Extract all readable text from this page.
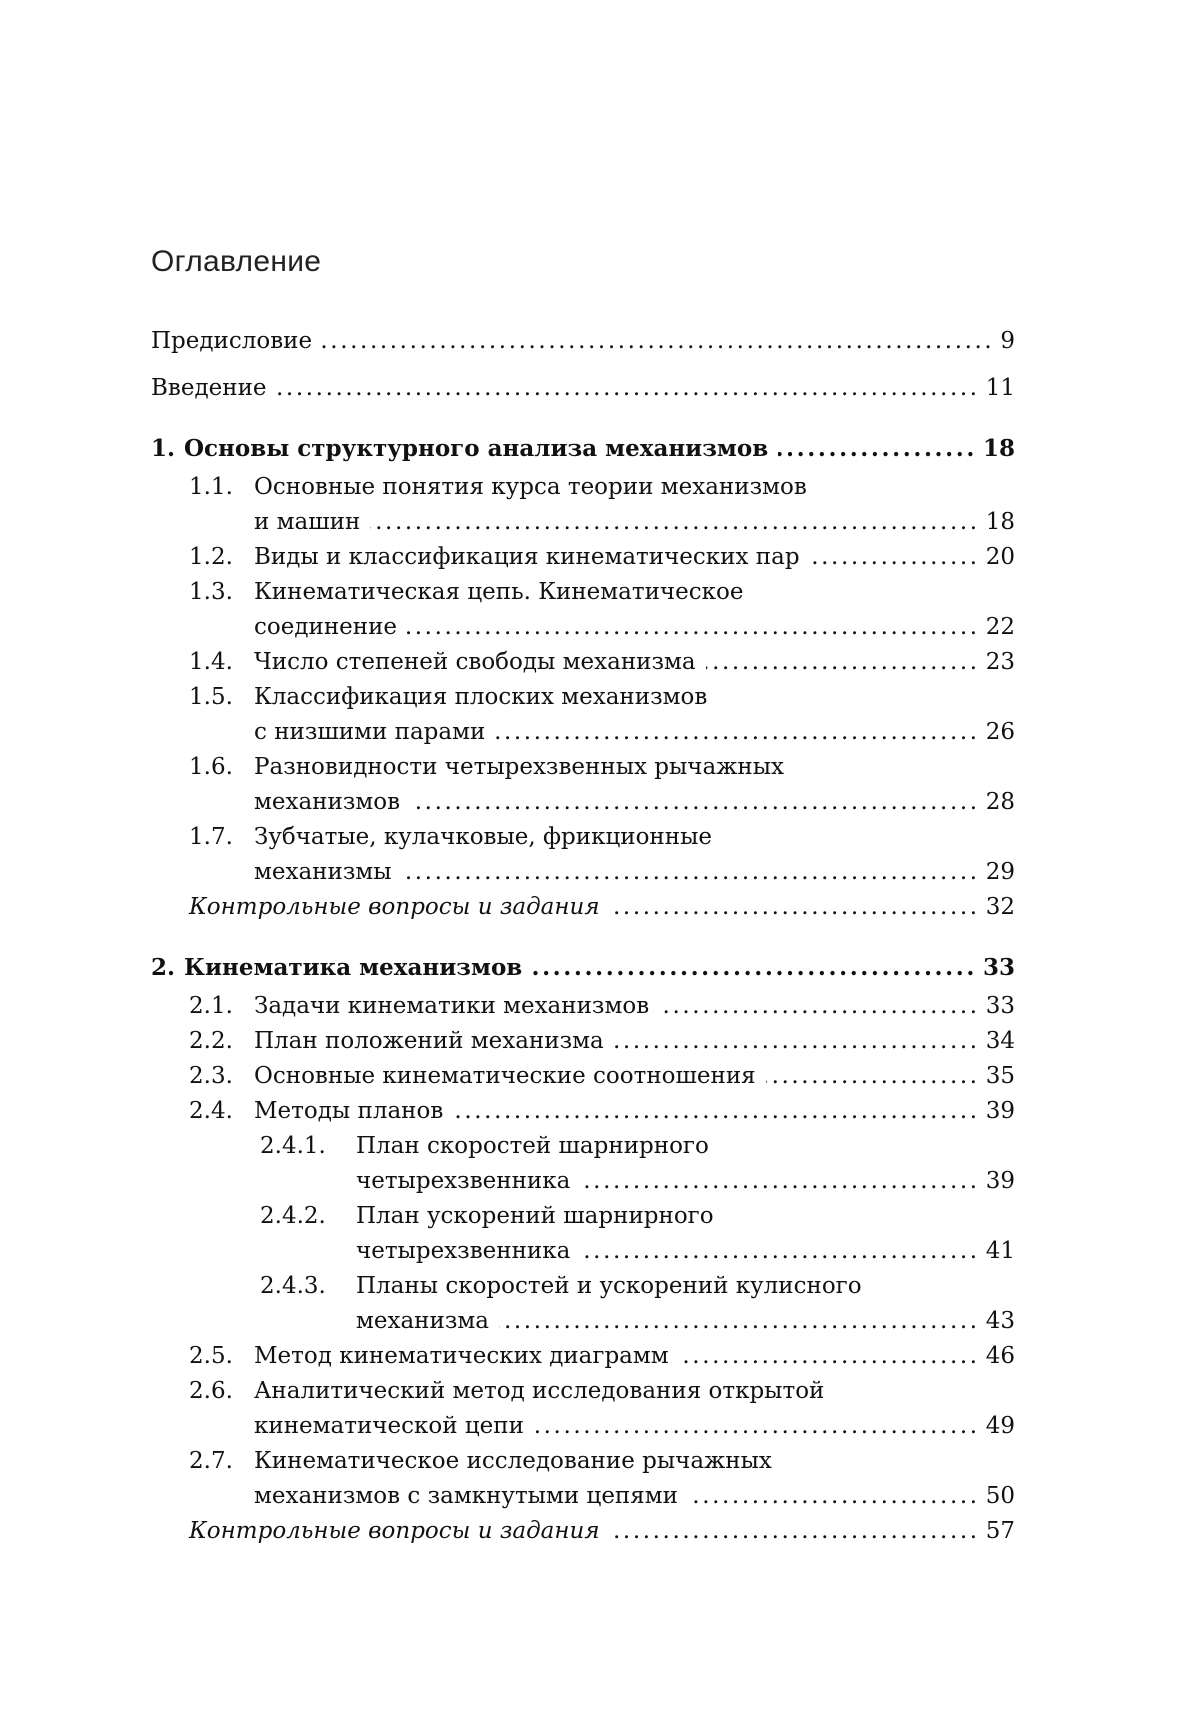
Оглавление
Предисловие .....	9
Введение .....	11
1. Основы структурного анализа механизмов .....	18
1.1. Основные понятия курса теории механизмов
и машин .....	18
1.2. Виды и классификация кинематических пар .....	20
1.3. Кинематическая цепь. Кинематическое
соединение .....	22
1.4. Число степеней свободы механизма .....	23
1.5. Классификация плоских механизмов
с низшими парами .....	26
1.6. Разновидности четырехзвенных рычажных
механизмов .....	28
1.7. Зубчатые, кулачковые, фрикционные
механизмы .....	29
Контрольные вопросы и задания .....	32
2. Кинематика механизмов .....	33
2.1. Задачи кинематики механизмов .....	33
2.2. План положений механизма .....	34
2.3. Основные кинематические соотношения .....	35
2.4. Методы планов .....	39
2.4.1.	План скоростей шарнирного
четырехзвенника .....	39
2.4.2.	План ускорений шарнирного
четырехзвенника .....	41
2.4.3.	Планы скоростей и ускорений кулисного
механизма .....	43
2.5. Метод кинематических диаграмм .....	46
2.6. Аналитический метод исследования открытой
кинематической цепи .....	49
2.7. Кинематическое исследование рычажных
механизмов с замкнутыми цепями .....	50
Контрольные вопросы и задания .....	57
